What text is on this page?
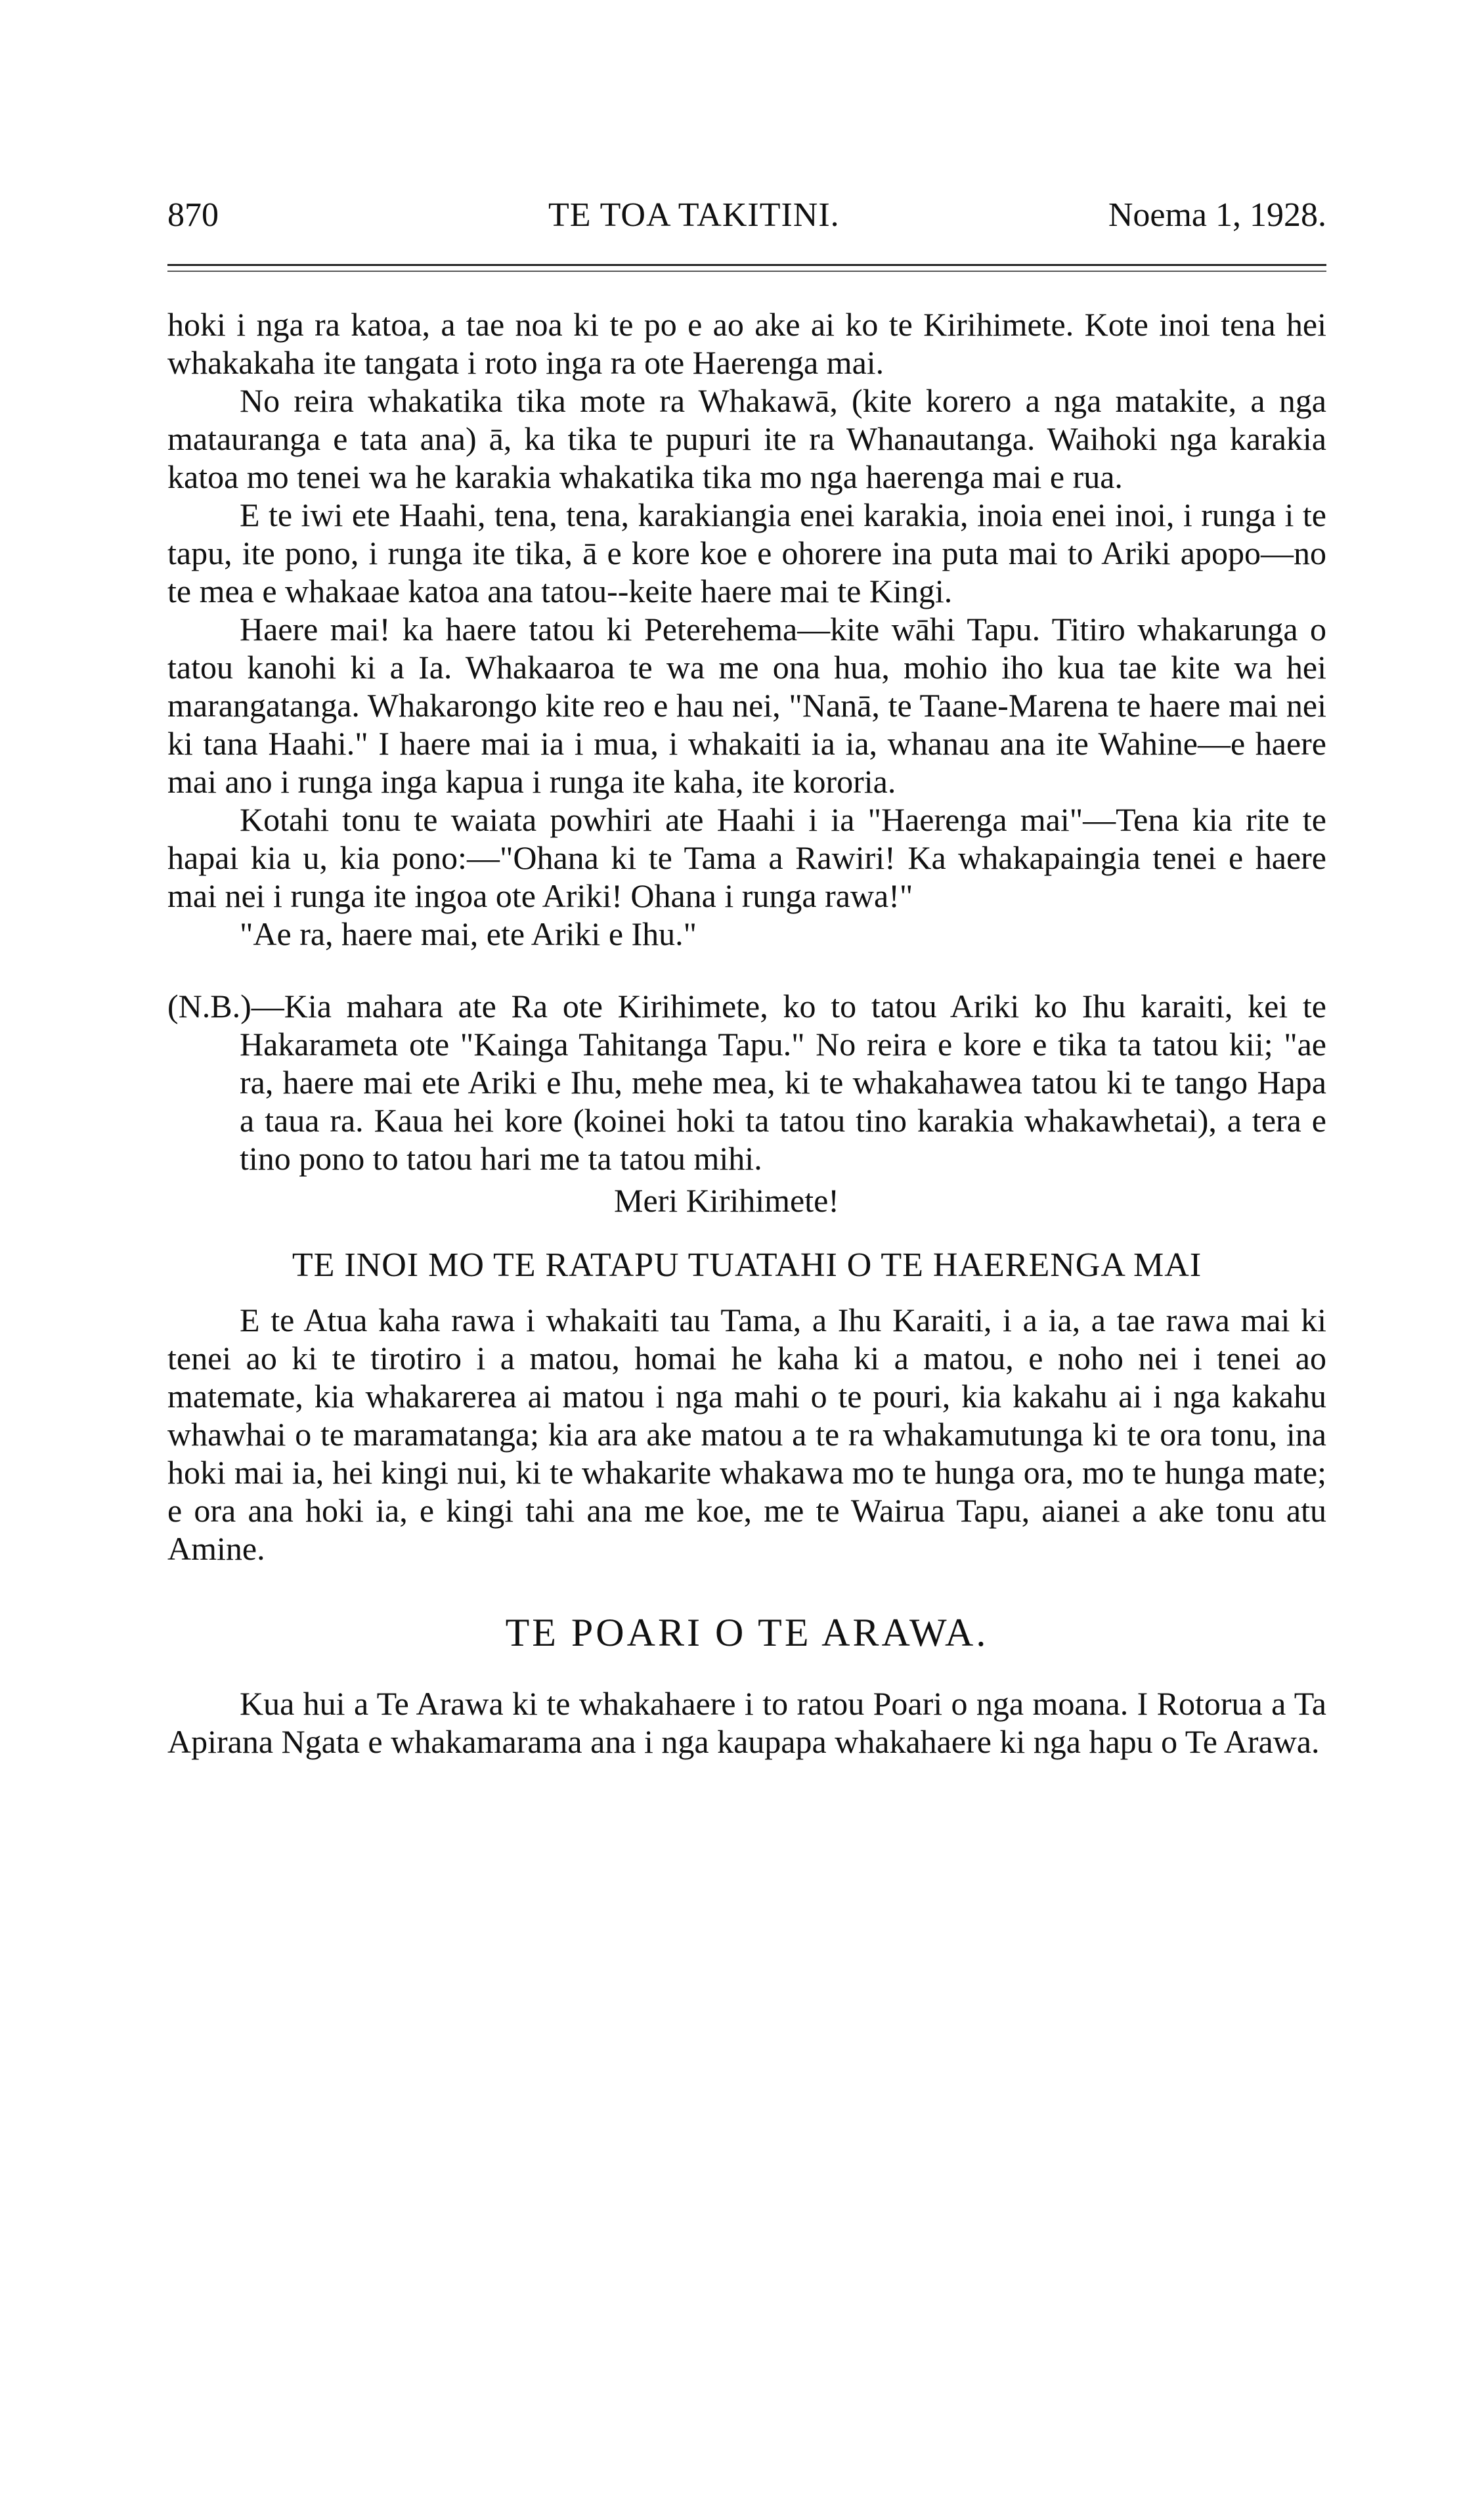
870	TE TOA TAKITINI.	Noema 1, 1928.

hoki i nga ra katoa, a tae noa ki te po e ao ake ai ko te Kirihimete. Kote inoi tena hei whakakaha ite tangata i roto inga ra ote Haerenga mai.

No reira whakatika tika mote ra Whakawā, (kite korero a nga matakite, a nga matauranga e tata ana) ā, ka tika te pupuri ite ra Whanautanga. Waihoki nga karakia katoa mo tenei wa he karakia whakatika tika mo nga haerenga mai e rua.

E te iwi ete Haahi, tena, tena, karakiangia enei karakia, inoia enei inoi, i runga i te tapu, ite pono, i runga ite tika, ā e kore koe e ohorere ina puta mai to Ariki apopo—no te mea e whakaae katoa ana tatou--keite haere mai te Kingi.

Haere mai! ka haere tatou ki Peterehema—kite wāhi Tapu. Titiro whakarunga o tatou kanohi ki a Ia. Whakaaroa te wa me ona hua, mohio iho kua tae kite wa hei marangatanga. Whakarongo kite reo e hau nei, "Nanā, te Taane-Marena te haere mai nei ki tana Haahi." I haere mai ia i mua, i whakaiti ia ia, whanau ana ite Wahine—e haere mai ano i runga inga kapua i runga ite kaha, ite kororia.

Kotahi tonu te waiata powhiri ate Haahi i ia "Haerenga mai"—Tena kia rite te hapai kia u, kia pono:—"Ohana ki te Tama a Rawiri! Ka whakapaingia tenei e haere mai nei i runga ite ingoa ote Ariki! Ohana i runga rawa!"

"Ae ra, haere mai, ete Ariki e Ihu."

(N.B.)—Kia mahara ate Ra ote Kirihimete, ko to tatou Ariki ko Ihu karaiti, kei te Hakarameta ote "Kainga Tahitanga Tapu." No reira e kore e tika ta tatou kii; "ae ra, haere mai ete Ariki e Ihu, mehe mea, ki te whakahawea tatou ki te tango Hapa a taua ra. Kaua hei kore (koinei hoki ta tatou tino karakia whakawhetai), a tera e tino pono to tatou hari me ta tatou mihi.

Meri Kirihimete!

TE INOI MO TE RATAPU TUATAHI O TE HAERENGA MAI

E te Atua kaha rawa i whakaiti tau Tama, a Ihu Karaiti, i a ia, a tae rawa mai ki tenei ao ki te tirotiro i a matou, homai he kaha ki a matou, e noho nei i tenei ao matemate, kia whakarerea ai matou i nga mahi o te pouri, kia kakahu ai i nga kakahu whawhai o te maramatanga; kia ara ake matou a te ra whakamutunga ki te ora tonu, ina hoki mai ia, hei kingi nui, ki te whakarite whakawa mo te hunga ora, mo te hunga mate; e ora ana hoki ia, e kingi tahi ana me koe, me te Wairua Tapu, aianei a ake tonu atu Amine.

TE POARI O TE ARAWA.

Kua hui a Te Arawa ki te whakahaere i to ratou Poari o nga moana. I Rotorua a Ta Apirana Ngata e whakamarama ana i nga kaupapa whakahaere ki nga hapu o Te Arawa.
